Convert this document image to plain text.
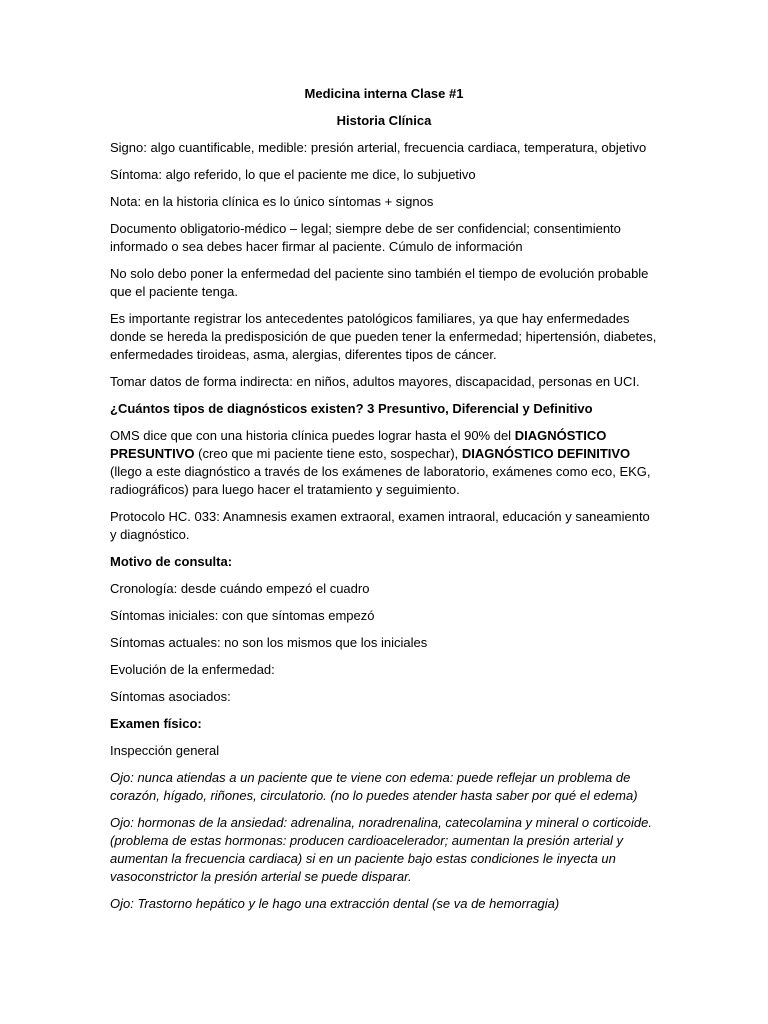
Medicina interna Clase #1
Historia Clínica

Signo: algo cuantificable, medible: presión arterial, frecuencia cardiaca, temperatura, objetivo

Síntoma: algo referido, lo que el paciente me dice, lo subjuetivo

Nota: en la historia clínica es lo único síntomas + signos

Documento obligatorio-médico – legal; siempre debe de ser confidencial; consentimiento informado o sea debes hacer firmar al paciente. Cúmulo de información

No solo debo poner la enfermedad del paciente sino también el tiempo de evolución probable que el paciente tenga.

Es importante registrar los antecedentes patológicos familiares, ya que hay enfermedades donde se hereda la predisposición de que pueden tener la enfermedad; hipertensión, diabetes, enfermedades tiroideas, asma, alergias, diferentes tipos de cáncer.

Tomar datos de forma indirecta: en niños, adultos mayores, discapacidad, personas en UCI.

¿Cuántos tipos de diagnósticos existen? 3 Presuntivo, Diferencial y Definitivo

OMS dice que con una historia clínica puedes lograr hasta el 90% del DIAGNÓSTICO PRESUNTIVO (creo que mi paciente tiene esto, sospechar), DIAGNÓSTICO DEFINITIVO (llego a este diagnóstico a través de los exámenes de laboratorio, exámenes como eco, EKG, radiográficos) para luego hacer el tratamiento y seguimiento.

Protocolo HC. 033: Anamnesis examen extraoral, examen intraoral, educación y saneamiento y diagnóstico.

Motivo de consulta:

Cronología: desde cuándo empezó el cuadro

Síntomas iniciales: con que síntomas empezó

Síntomas actuales: no son los mismos que los iniciales

Evolución de la enfermedad:

Síntomas asociados:

Examen físico:

Inspección general

Ojo: nunca atiendas a un paciente que te viene con edema: puede reflejar un problema de corazón, hígado, riñones, circulatorio. (no lo puedes atender hasta saber por qué el edema)

Ojo: hormonas de la ansiedad: adrenalina, noradrenalina, catecolamina y mineral o corticoide. (problema de estas hormonas: producen cardioacelerador; aumentan la presión arterial y aumentan la frecuencia cardiaca) si en un paciente bajo estas condiciones le inyecta un vasoconstrictor la presión arterial se puede disparar.

Ojo: Trastorno hepático y le hago una extracción dental (se va de hemorragia)
